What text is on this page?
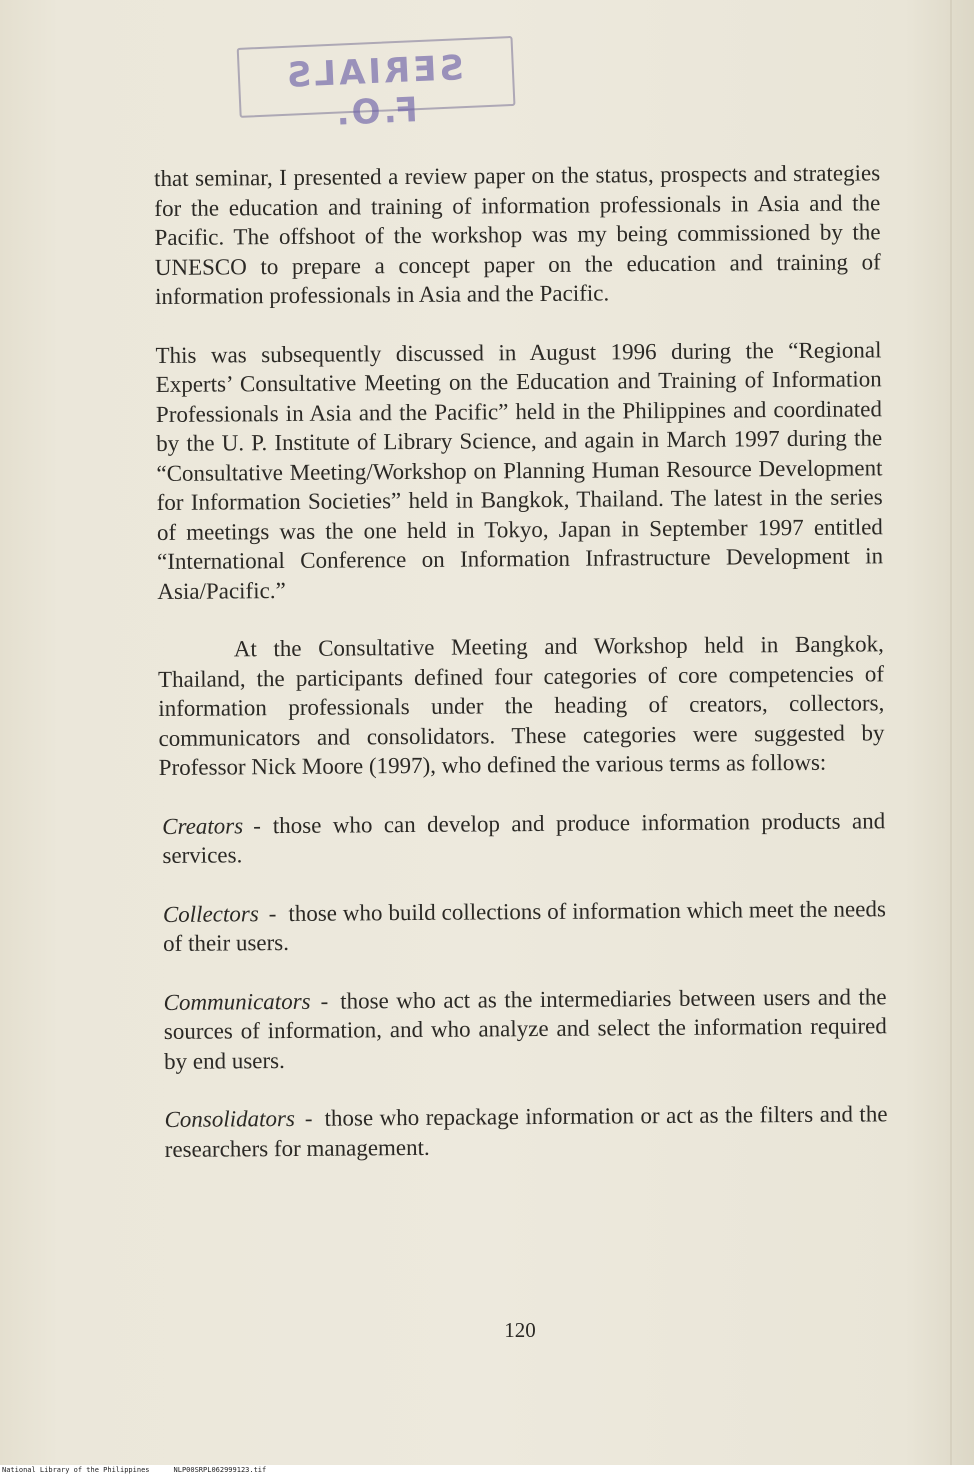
SERIALS F.O.

that seminar, I presented a review paper on the status, prospects and strategies for the education and training of information professionals in Asia and the Pacific. The offshoot of the workshop was my being commissioned by the UNESCO to prepare a concept paper on the education and training of information professionals in Asia and the Pacific.

This was subsequently discussed in August 1996 during the “Regional Experts’ Consultative Meeting on the Education and Training of Information Professionals in Asia and the Pacific” held in the Philippines and coordinated by the U. P. Institute of Library Science, and again in March 1997 during the “Consultative Meeting/Workshop on Planning Human Resource Development for Information Societies” held in Bangkok, Thailand. The latest in the series of meetings was the one held in Tokyo, Japan in September 1997 entitled “International Conference on Information Infrastructure Development in Asia/Pacific.”

At the Consultative Meeting and Workshop held in Bangkok, Thailand, the participants defined four categories of core competencies of information professionals under the heading of creators, collectors, communicators and consolidators. These categories were suggested by Professor Nick Moore (1997), who defined the various terms as follows:

Creators - those who can develop and produce information products and services.

Collectors - those who build collections of information which meet the needs of their users.

Communicators - those who act as the intermediaries between users and the sources of information, and who analyze and select the information required by end users.

Consolidators - those who repackage information or act as the filters and the researchers for management.

120
National Library of the Philippines	NLP00SRPL062999123.tif
